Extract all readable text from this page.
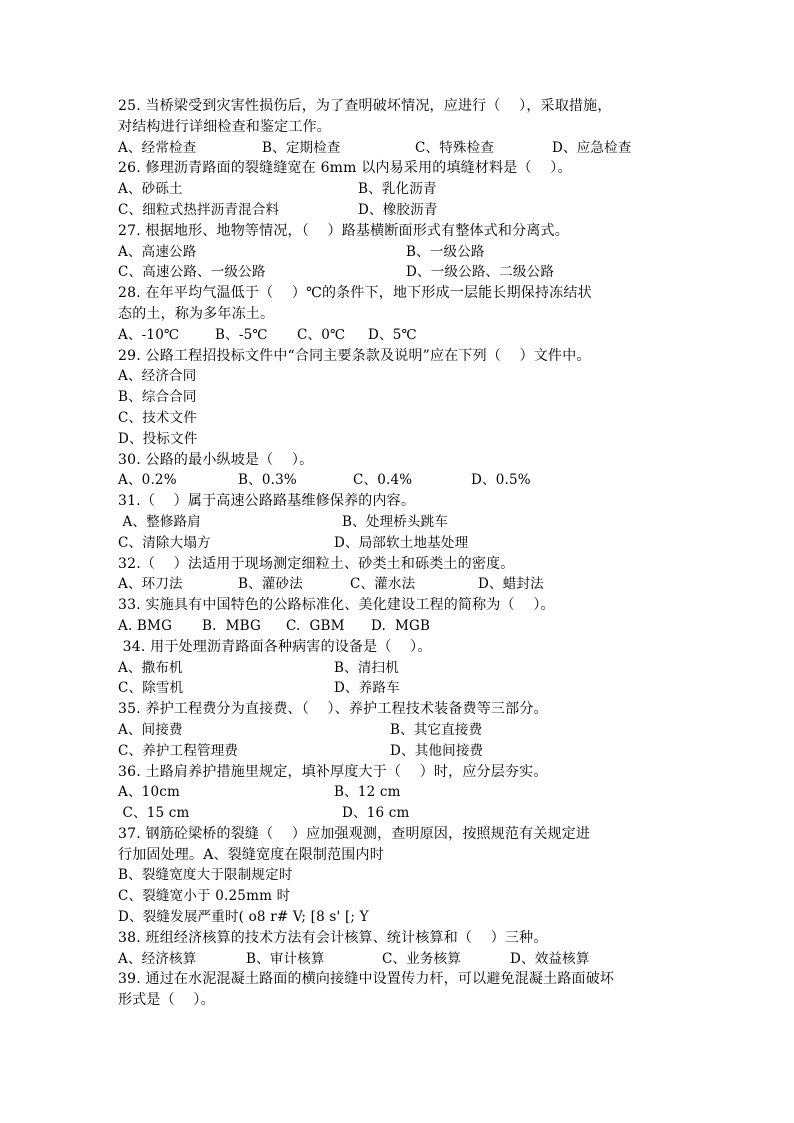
25. 当桥梁受到灾害性损伤后，为了查明破坏情况，应进行（    ），采取措施，
对结构进行详细检查和鉴定工作。

A、经常检查

	B、定期检查

	C、特殊检查

	D、应急检查

26. 修理沥青路面的裂缝缝宽在 6mm 以内易采用的填缝材料是（    ）。

A、砂砾土

	B、乳化沥青

C、细粒式热拌沥青混合料

	D、橡胶沥青

27. 根据地形、地物等情况，（    ）路基横断面形式有整体式和分离式。

A、高速公路

	B、一级公路

C、高速公路、一级公路

	D、一级公路、二级公路

28. 在年平均气温低于（    ）℃的条件下，地下形成一层能长期保持冻结状
态的土，称为多年冻土。

A、-10℃

	B、-5℃

C、0℃

D、5℃

29. 公路工程招投标文件中“合同主要条款及说明”应在下列（    ）文件中。
A、经济合同
B、综合合同
C、技术文件
D、投标文件
30. 公路的最小纵坡是（    ）。

A、0.2%

	B、0.3%

	C、0.4%

	D、0.5%

31.（    ）属于高速公路路基维修保养的内容。

A、整修路肩

	B、处理桥头跳车

C、清除大塌方

	D、局部软土地基处理

32.（    ）法适用于现场测定细粒土、砂类土和砾类土的密度。

A、环刀法

	B、灌砂法

	C、灌水法

	D、蜡封法

33. 实施具有中国特色的公路标准化、美化建设工程的简称为（    ）。

A. BMG

B.  MBG

C.  GBM

D.  MGB

34. 用于处理沥青路面各种病害的设备是（    ）。

A、撒布机

	B、清扫机

C、除雪机

	D、养路车

35. 养护工程费分为直接费、（    ）、养护工程技术装备费等三部分。

A、间接费

	B、其它直接费

C、养护工程管理费

	D、其他间接费

36. 土路肩养护措施里规定，填补厚度大于（    ）时，应分层夯实。

A、10cm

	B、12 cm

C、15 cm

	D、16 cm

37. 钢筋砼梁桥的裂缝（    ）应加强观测，查明原因，按照规范有关规定进
行加固处理。A、裂缝宽度在限制范围内时
B、裂缝宽度大于限制规定时
C、裂缝宽小于 0.25mm 时
D、裂缝发展严重时( o8 r# V; [8 s' [; Y
38. 班组经济核算的技术方法有会计核算、统计核算和（    ）三种。

A、经济核算

	B、审计核算

	C、业务核算

	D、效益核算

39. 通过在水泥混凝土路面的横向接缝中设置传力杆，可以避免混凝土路面破坏
形式是（    ）。
